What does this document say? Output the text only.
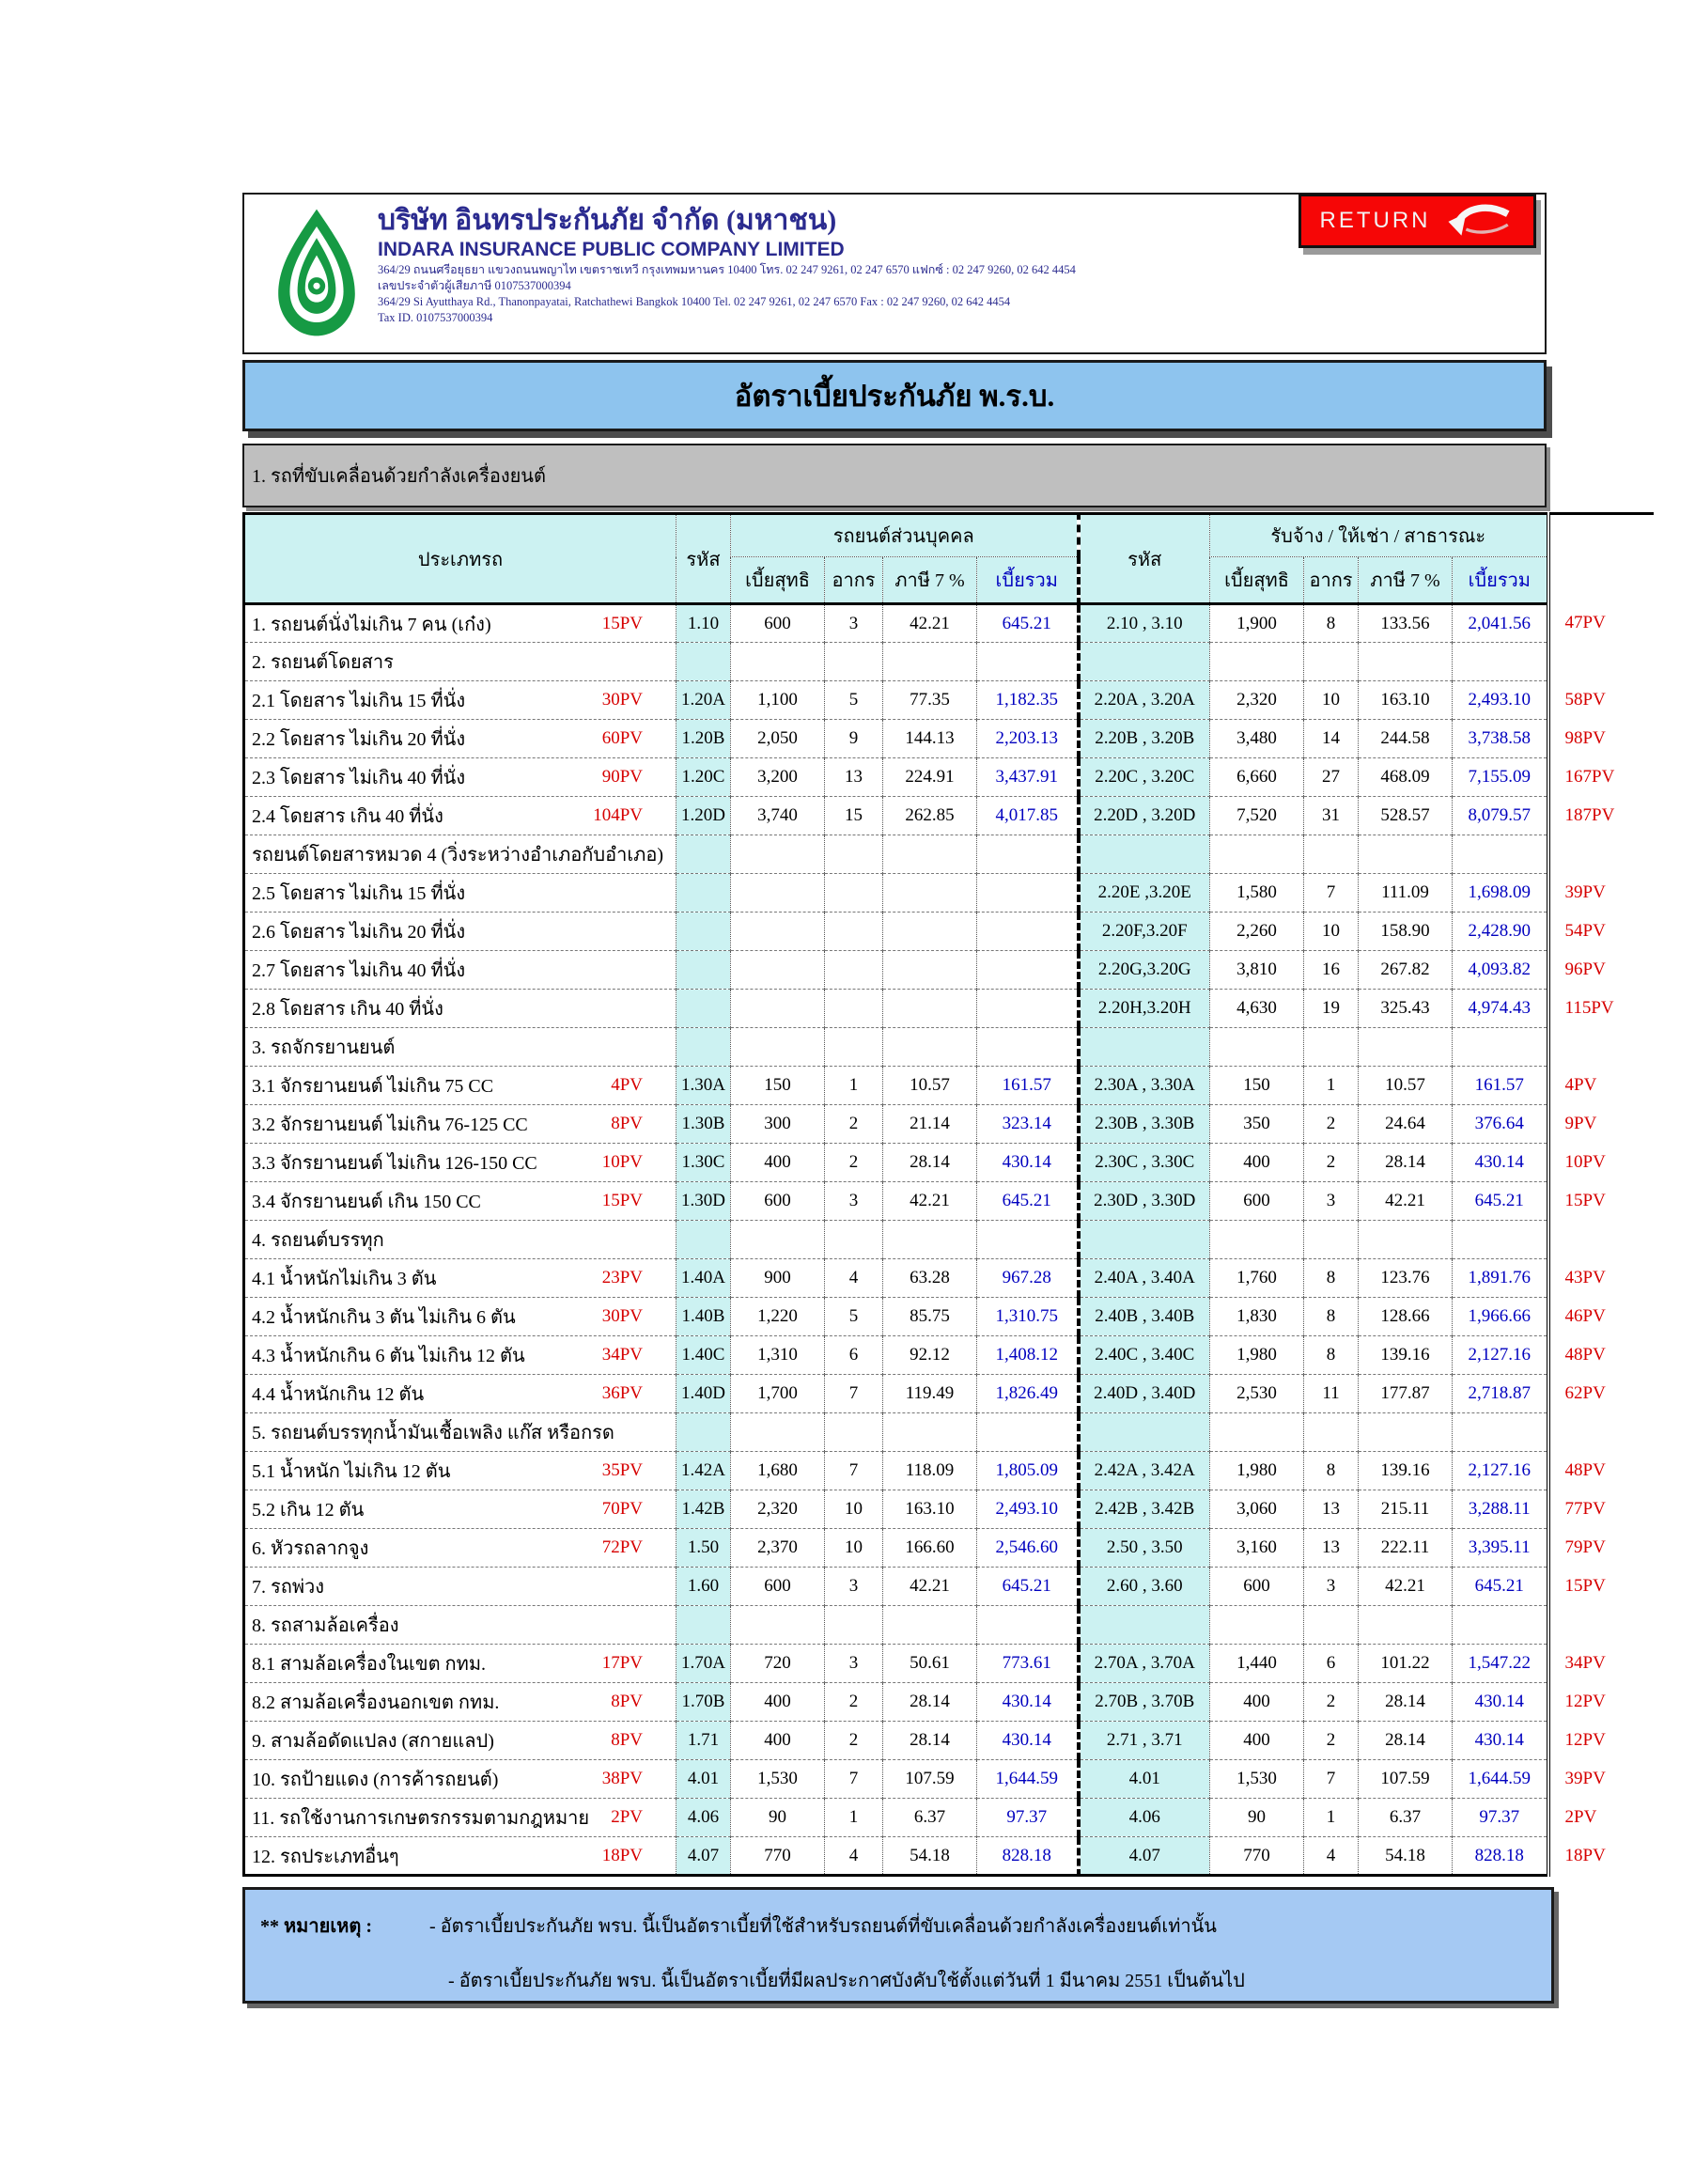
บริษัท อินทรประกันภัย จำกัด (มหาชน)
INDARA INSURANCE PUBLIC COMPANY LIMITED
364/29 ถนนศรีอยุธยา แขวงถนนพญาไท เขตราชเทวี กรุงเทพมหานคร 10400 โทร. 02 247 9261, 02 247 6570 แฟกซ์ : 02 247 9260, 02 642 4454
เลขประจำตัวผู้เสียภาษี 0107537000394
364/29 Si Ayutthaya Rd., Thanonpayatai, Ratchathewi Bangkok 10400 Tel. 02 247 9261, 02 247 6570 Fax : 02 247 9260, 02 642 4454
Tax ID. 0107537000394
RETURN
อัตราเบี้ยประกันภัย พ.ร.บ.
1. รถที่ขับเคลื่อนด้วยกำลังเครื่องยนต์
ประเภทรถ	รหัส	รถยนต์ส่วนบุคคล				รหัส	รับจ้าง / ให้เช่า / สาธารณะ				
		เบี้ยสุทธิ	อากร	ภาษี 7 %	เบี้ยรวม		เบี้ยสุทธิ	อากร	ภาษี 7 %	เบี้ยรวม	

1. รถยนต์นั่งไม่เกิน 7 คน (เก๋ง) 15PV	1.10	600	3	42.21	645.21	2.10 , 3.10	1,900	8	133.56	2,041.56	47PV

2. รถยนต์โดยสาร											

2.1 โดยสาร ไม่เกิน 15 ที่นั่ง 30PV	1.20A	1,100	5	77.35	1,182.35	2.20A , 3.20A	2,320	10	163.10	2,493.10	58PV

2.2 โดยสาร ไม่เกิน 20 ที่นั่ง 60PV	1.20B	2,050	9	144.13	2,203.13	2.20B , 3.20B	3,480	14	244.58	3,738.58	98PV

2.3 โดยสาร ไม่เกิน 40 ที่นั่ง 90PV	1.20C	3,200	13	224.91	3,437.91	2.20C , 3.20C	6,660	27	468.09	7,155.09	167PV

2.4 โดยสาร เกิน 40 ที่นั่ง 104PV	1.20D	3,740	15	262.85	4,017.85	2.20D , 3.20D	7,520	31	528.57	8,079.57	187PV

รถยนต์โดยสารหมวด 4 (วิ่งระหว่างอำเภอกับอำเภอ)											

2.5 โดยสาร ไม่เกิน 15 ที่นั่ง						2.20E ,3.20E	1,580	7	111.09	1,698.09	39PV

2.6 โดยสาร ไม่เกิน 20 ที่นั่ง						2.20F,3.20F	2,260	10	158.90	2,428.90	54PV

2.7 โดยสาร ไม่เกิน 40 ที่นั่ง						2.20G,3.20G	3,810	16	267.82	4,093.82	96PV

2.8 โดยสาร เกิน 40 ที่นั่ง						2.20H,3.20H	4,630	19	325.43	4,974.43	115PV

3. รถจักรยานยนต์											

3.1 จักรยานยนต์ ไม่เกิน 75 CC 4PV	1.30A	150	1	10.57	161.57	2.30A , 3.30A	150	1	10.57	161.57	4PV

3.2 จักรยานยนต์ ไม่เกิน 76-125 CC 8PV	1.30B	300	2	21.14	323.14	2.30B , 3.30B	350	2	24.64	376.64	9PV

3.3 จักรยานยนต์ ไม่เกิน 126-150 CC 10PV	1.30C	400	2	28.14	430.14	2.30C , 3.30C	400	2	28.14	430.14	10PV

3.4 จักรยานยนต์ เกิน 150 CC 15PV	1.30D	600	3	42.21	645.21	2.30D , 3.30D	600	3	42.21	645.21	15PV

4. รถยนต์บรรทุก											

4.1 น้ำหนักไม่เกิน 3 ตัน 23PV	1.40A	900	4	63.28	967.28	2.40A , 3.40A	1,760	8	123.76	1,891.76	43PV

4.2 น้ำหนักเกิน 3 ตัน ไม่เกิน 6 ตัน 30PV	1.40B	1,220	5	85.75	1,310.75	2.40B , 3.40B	1,830	8	128.66	1,966.66	46PV

4.3 น้ำหนักเกิน 6 ตัน ไม่เกิน 12 ตัน 34PV	1.40C	1,310	6	92.12	1,408.12	2.40C , 3.40C	1,980	8	139.16	2,127.16	48PV

4.4 น้ำหนักเกิน 12 ตัน 36PV	1.40D	1,700	7	119.49	1,826.49	2.40D , 3.40D	2,530	11	177.87	2,718.87	62PV

5. รถยนต์บรรทุกน้ำมันเชื้อเพลิง แก๊ส หรือกรด											

5.1 น้ำหนัก ไม่เกิน 12 ตัน 35PV	1.42A	1,680	7	118.09	1,805.09	2.42A , 3.42A	1,980	8	139.16	2,127.16	48PV

5.2 เกิน 12 ตัน 70PV	1.42B	2,320	10	163.10	2,493.10	2.42B , 3.42B	3,060	13	215.11	3,288.11	77PV

6. หัวรถลากจูง 72PV	1.50	2,370	10	166.60	2,546.60	2.50 , 3.50	3,160	13	222.11	3,395.11	79PV

7. รถพ่วง	1.60	600	3	42.21	645.21	2.60 , 3.60	600	3	42.21	645.21	15PV

8. รถสามล้อเครื่อง											

8.1 สามล้อเครื่องในเขต กทม. 17PV	1.70A	720	3	50.61	773.61	2.70A , 3.70A	1,440	6	101.22	1,547.22	34PV

8.2 สามล้อเครื่องนอกเขต กทม. 8PV	1.70B	400	2	28.14	430.14	2.70B , 3.70B	400	2	28.14	430.14	12PV

9. สามล้อดัดแปลง (สกายแลป) 8PV	1.71	400	2	28.14	430.14	2.71 , 3.71	400	2	28.14	430.14	12PV

10. รถป้ายแดง (การค้ารถยนต์) 38PV	4.01	1,530	7	107.59	1,644.59	4.01	1,530	7	107.59	1,644.59	39PV

11. รถใช้งานการเกษตรกรรมตามกฎหมาย 2PV	4.06	90	1	6.37	97.37	4.06	90	1	6.37	97.37	2PV

12. รถประเภทอื่นๆ 18PV	4.07	770	4	54.18	828.18	4.07	770	4	54.18	828.18	18PV
** หมายเหตุ :	- อัตราเบี้ยประกันภัย พรบ. นี้เป็นอัตราเบี้ยที่ใช้สำหรับรถยนต์ที่ขับเคลื่อนด้วยกำลังเครื่องยนต์เท่านั้น
- อัตราเบี้ยประกันภัย พรบ. นี้เป็นอัตราเบี้ยที่มีผลประกาศบังคับใช้ตั้งแต่วันที่ 1 มีนาคม 2551 เป็นต้นไป
